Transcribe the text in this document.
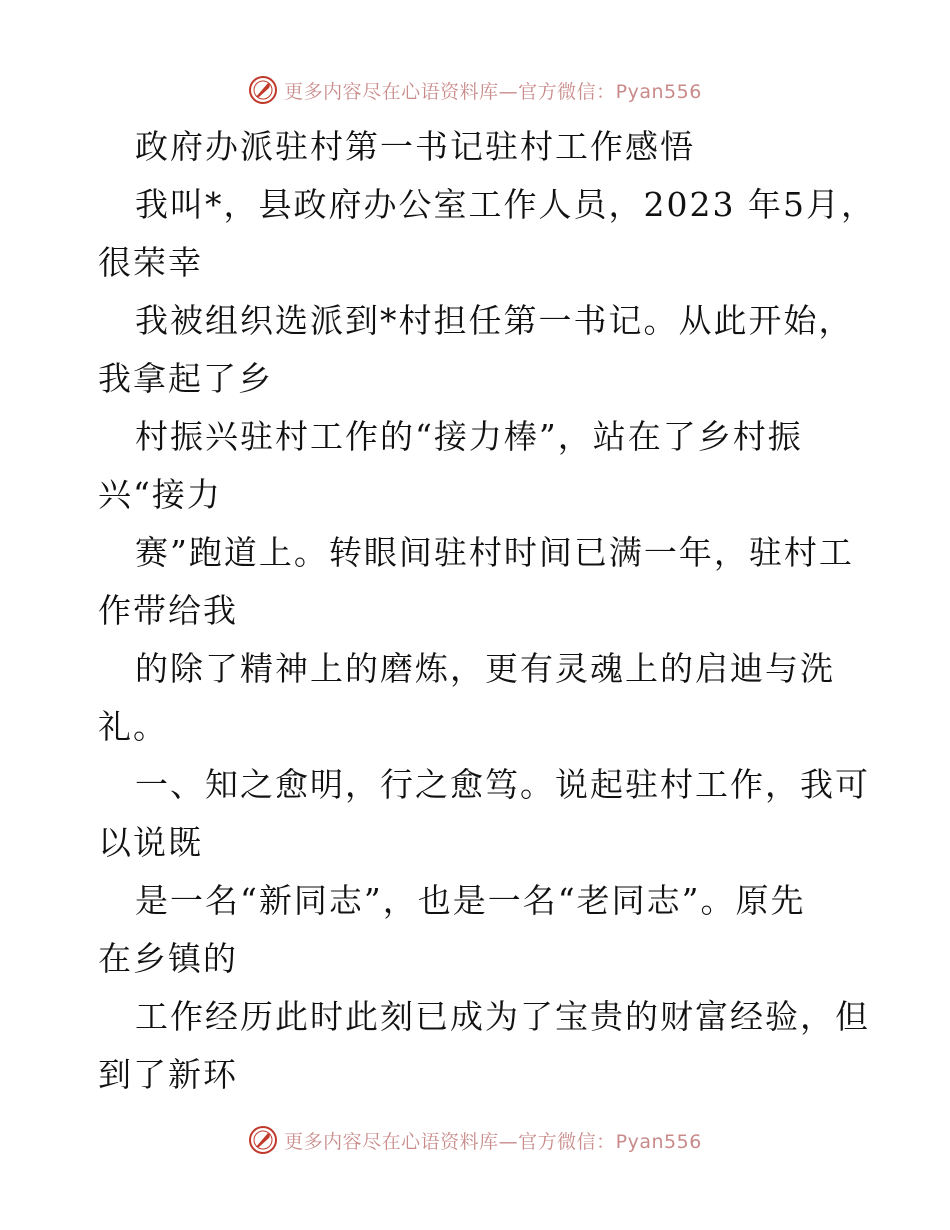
更多内容尽在心语资料库—官方微信：Pyan556
政府办派驻村第一书记驻村工作感悟
我叫*，县政府办公室工作人员，2023 年5月，
很荣幸
我被组织选派到*村担任第一书记。从此开始，
我拿起了乡
村振兴驻村工作的“接力棒”，站在了乡村振
兴“接力
赛”跑道上。转眼间驻村时间已满一年，驻村工
作带给我
的除了精神上的磨炼，更有灵魂上的启迪与洗
礼。
一、知之愈明，行之愈笃。说起驻村工作，我可
以说既
是一名“新同志”，也是一名“老同志”。原先
在乡镇的
工作经历此时此刻已成为了宝贵的财富经验，但
到了新环
更多内容尽在心语资料库—官方微信：Pyan556
